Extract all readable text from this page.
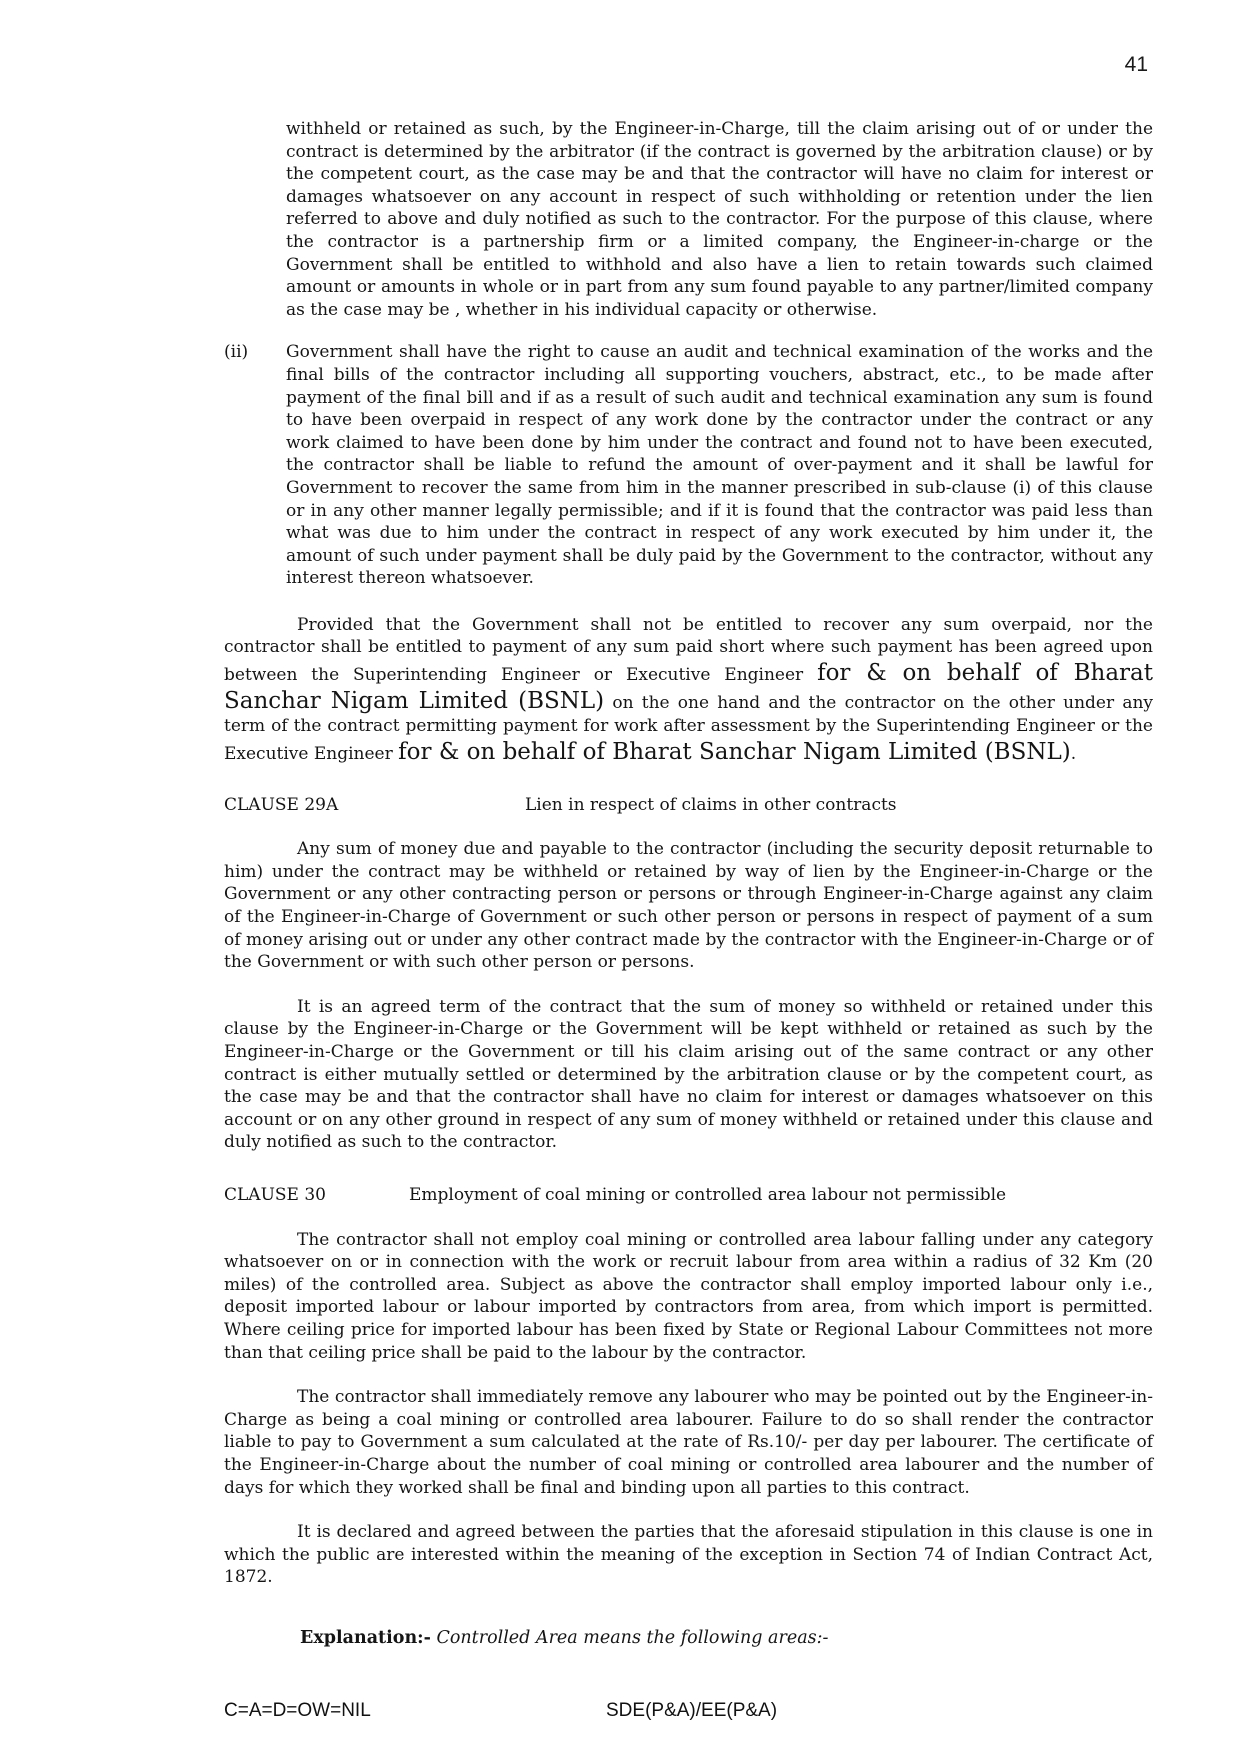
41

withheld or retained as such, by the Engineer-in-Charge, till the claim arising out of or under the contract is determined by the arbitrator (if the contract is governed by the arbitration clause) or by the competent court, as the case may be and that the contractor will have no claim for interest or damages whatsoever on any account in respect of such withholding or retention under the lien referred to above and duly notified as such to the contractor. For the purpose of this clause, where the contractor is a partnership firm or a limited company, the Engineer-in-charge or the Government shall be entitled to withhold and also have a lien to retain towards such claimed amount or amounts in whole or in part from any sum found payable to any partner/limited company as the case may be , whether in his individual capacity or otherwise.

(ii)	Government shall have the right to cause an audit and technical examination of the works and the final bills of the contractor including all supporting vouchers, abstract, etc., to be made after payment of the final bill and if as a result of such audit and technical examination any sum is found to have been overpaid in respect of any work done by the contractor under the contract or any work claimed to have been done by him under the contract and found not to have been executed, the contractor shall be liable to refund the amount of over-payment and it shall be lawful for Government to recover the same from him in the manner prescribed in sub-clause (i) of this clause or in any other manner legally permissible; and if it is found that the contractor was paid less than what was due to him under the contract in respect of any work executed by him under it, the amount of such under payment shall be duly paid by the Government to the contractor, without any interest thereon whatsoever.

Provided that the Government shall not be entitled to recover any sum overpaid, nor the contractor shall be entitled to payment of any sum paid short where such payment has been agreed upon between the Superintending Engineer or Executive Engineer for & on behalf of Bharat Sanchar Nigam Limited (BSNL) on the one hand and the contractor on the other under any term of the contract permitting payment for work after assessment by the Superintending Engineer or the Executive Engineer for & on behalf of Bharat Sanchar Nigam Limited (BSNL).

CLAUSE 29A	Lien in respect of claims in other contracts

Any sum of money due and payable to the contractor (including the security deposit returnable to him) under the contract may be withheld or retained by way of lien by the Engineer-in-Charge or the Government or any other contracting person or persons or through Engineer-in-Charge against any claim of the Engineer-in-Charge of Government or such other person or persons in respect of payment of a sum of money arising out or under any other contract made by the contractor with the Engineer-in-Charge or of the Government or with such other person or persons.

It is an agreed term of the contract that the sum of money so withheld or retained under this clause by the Engineer-in-Charge or the Government will be kept withheld or retained as such by the Engineer-in-Charge or the Government or till his claim arising out of the same contract or any other contract is either mutually settled or determined by the arbitration clause or by the competent court, as the case may be and that the contractor shall have no claim for interest or damages whatsoever on this account or on any other ground in respect of any sum of money withheld or retained under this clause and duly notified as such to the contractor.

CLAUSE 30	Employment of coal mining or controlled area labour not permissible

The contractor shall not employ coal mining or controlled area labour falling under any category whatsoever on or in connection with the work or recruit labour from area within a radius of 32 Km (20 miles) of the controlled area. Subject as above the contractor shall employ imported labour only i.e., deposit imported labour or labour imported by contractors from area, from which import is permitted. Where ceiling price for imported labour has been fixed by State or Regional Labour Committees not more than that ceiling price shall be paid to the labour by the contractor.

The contractor shall immediately remove any labourer who may be pointed out by the Engineer-in-Charge as being a coal mining or controlled area labourer. Failure to do so shall render the contractor liable to pay to Government a sum calculated at the rate of Rs.10/- per day per labourer. The certificate of the Engineer-in-Charge about the number of coal mining or controlled area labourer and the number of days for which they worked shall be final and binding upon all parties to this contract.

It is declared and agreed between the parties that the aforesaid stipulation in this clause is one in which the public are interested within the meaning of the exception in Section 74 of Indian Contract Act, 1872.

Explanation:- Controlled Area means the following areas:-

C=A=D=OW=NIL	SDE(P&A)/EE(P&A)
